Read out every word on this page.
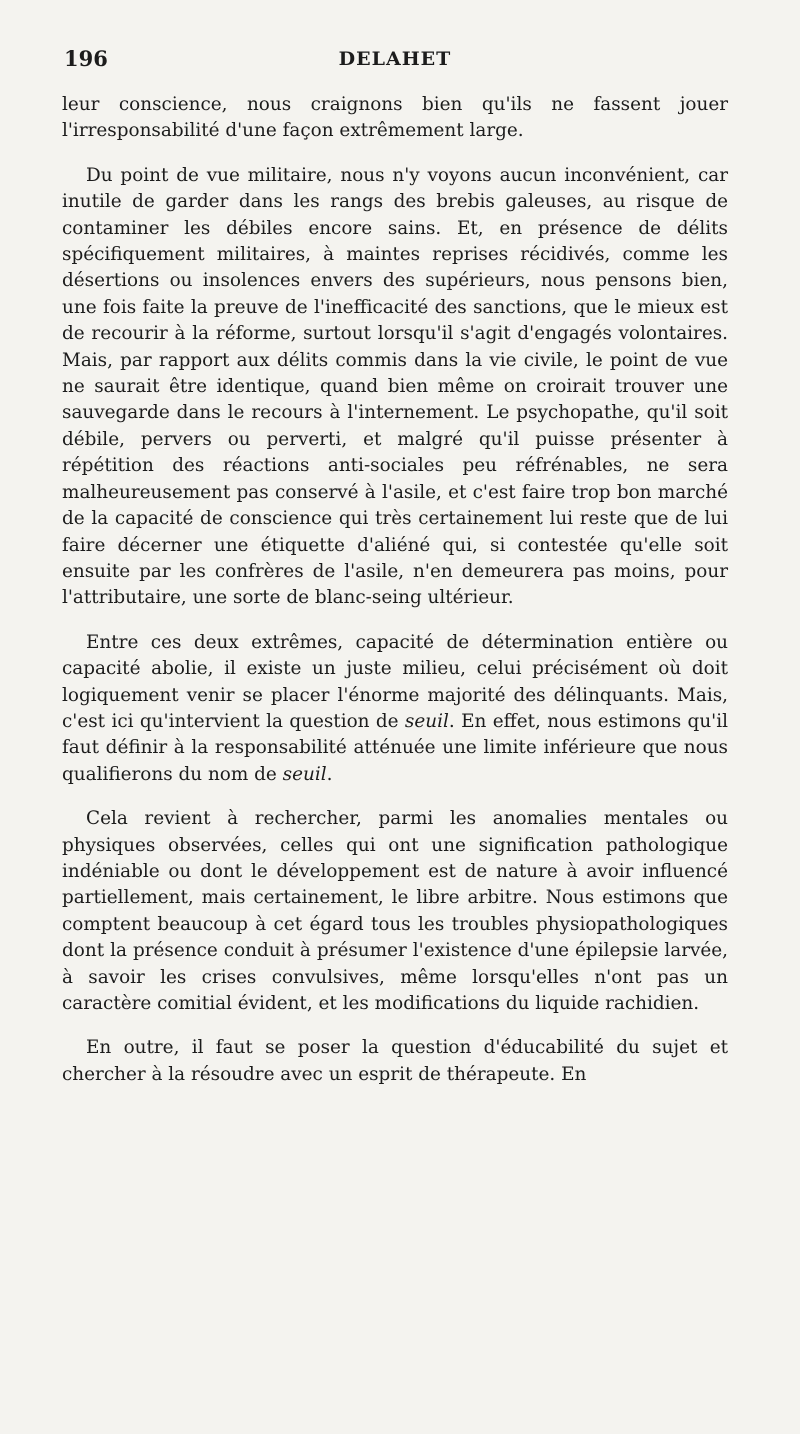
196	DELAHET

leur conscience, nous craignons bien qu'ils ne fassent jouer l'irresponsabilité d'une façon extrêmement large.

Du point de vue militaire, nous n'y voyons aucun inconvénient, car inutile de garder dans les rangs des brebis galeuses, au risque de contaminer les débiles encore sains. Et, en présence de délits spécifiquement militaires, à maintes reprises récidivés, comme les désertions ou insolences envers des supérieurs, nous pensons bien, une fois faite la preuve de l'inefficacité des sanctions, que le mieux est de recourir à la réforme, surtout lorsqu'il s'agit d'engagés volontaires. Mais, par rapport aux délits commis dans la vie civile, le point de vue ne saurait être identique, quand bien même on croirait trouver une sauvegarde dans le recours à l'internement. Le psychopathe, qu'il soit débile, pervers ou perverti, et malgré qu'il puisse présenter à répétition des réactions anti-sociales peu réfrénables, ne sera malheureusement pas conservé à l'asile, et c'est faire trop bon marché de la capacité de conscience qui très certainement lui reste que de lui faire décerner une étiquette d'aliéné qui, si contestée qu'elle soit ensuite par les confrères de l'asile, n'en demeurera pas moins, pour l'attributaire, une sorte de blanc-seing ultérieur.

Entre ces deux extrêmes, capacité de détermination entière ou capacité abolie, il existe un juste milieu, celui précisément où doit logiquement venir se placer l'énorme majorité des délinquants. Mais, c'est ici qu'intervient la question de seuil. En effet, nous estimons qu'il faut définir à la responsabilité atténuée une limite inférieure que nous qualifierons du nom de seuil.

Cela revient à rechercher, parmi les anomalies mentales ou physiques observées, celles qui ont une signification pathologique indéniable ou dont le développement est de nature à avoir influencé partiellement, mais certainement, le libre arbitre. Nous estimons que comptent beaucoup à cet égard tous les troubles physiopathologiques dont la présence conduit à présumer l'existence d'une épilepsie larvée, à savoir les crises convulsives, même lorsqu'elles n'ont pas un caractère comitial évident, et les modifications du liquide rachidien.

En outre, il faut se poser la question d'éducabilité du sujet et chercher à la résoudre avec un esprit de thérapeute. En
